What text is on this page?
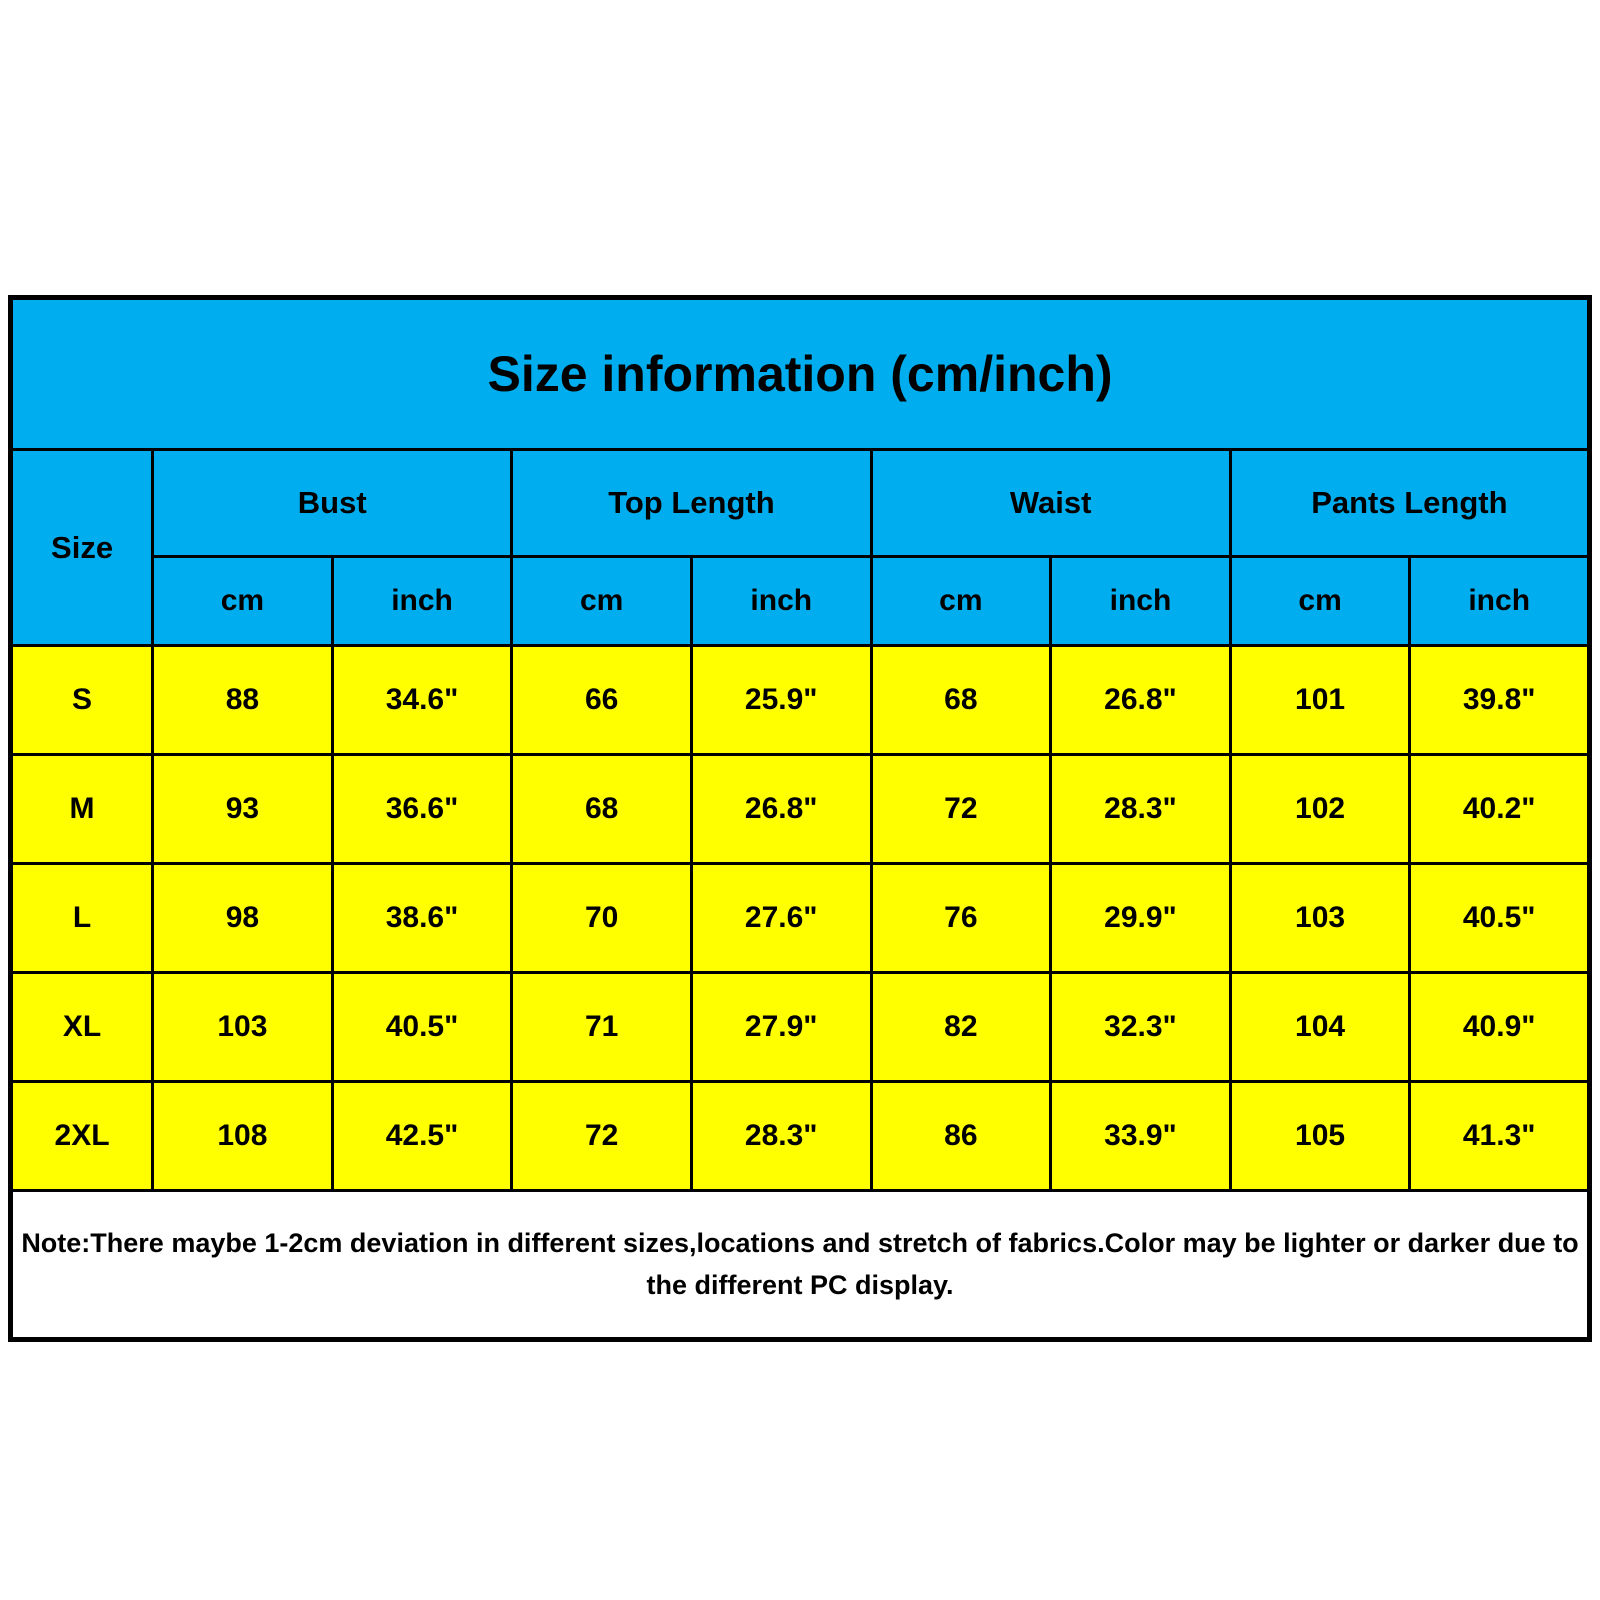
Size information (cm/inch)								
Size	Bust		Top Length		Waist		Pants Length	
	cm	inch	cm	inch	cm	inch	cm	inch
S	88	34.6"	66	25.9"	68	26.8"	101	39.8"
M	93	36.6"	68	26.8"	72	28.3"	102	40.2"
L	98	38.6"	70	27.6"	76	29.9"	103	40.5"
XL	103	40.5"	71	27.9"	82	32.3"	104	40.9"
2XL	108	42.5"	72	28.3"	86	33.9"	105	41.3"
Note:There maybe 1-2cm deviation in different sizes,locations and stretch of fabrics.Color may be lighter or darker due to the different PC display.								
